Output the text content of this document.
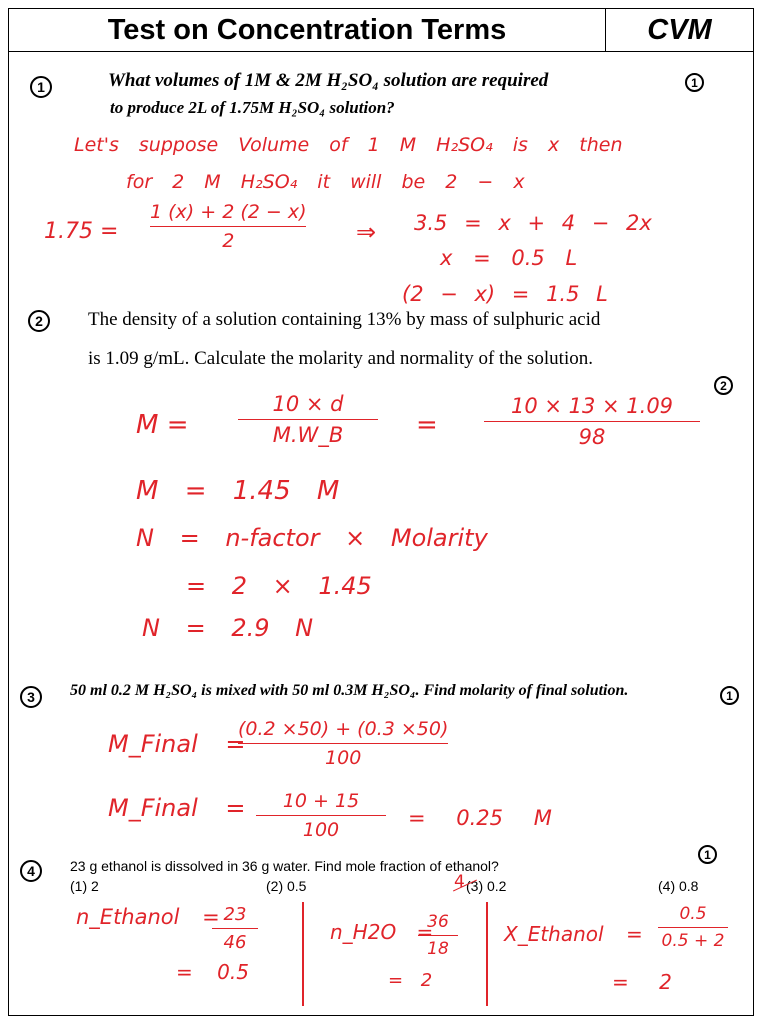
Test on Concentration Terms	CVM
1	What volumes of 1M & 2M H₂SO₄ solution are required
to produce 2L of 1.75M H₂SO₄ solution?
1
Let's suppose Volume of 1 M H₂SO₄ is x then
for 2 M H₂SO₄ it will be 2 − x
1.75 =
1 (x) + 2 (2 − x)
2	⇒ 3.5 = x + 4 − 2x
x = 0.5 L
(2 − x) = 1.5 L
2	The density of a solution containing 13% by mass of sulphuric acid
is 1.09 g/mL. Calculate the molarity and normality of the solution.
2
M =
10 × d
M.W_B	=
10 × 13 × 1.09
98
M = 1.45 M
N = n-factor × Molarity
= 2 × 1.45
N = 2.9 N
3	50 ml 0.2 M H₂SO₄ is mixed with 50 ml 0.3M H₂SO₄. Find molarity of final solution.	1
M_Final =
(0.2 ×50) + (0.3 ×50)
100
M_Final = 10 + 15
100	= 0.25 M
4	23 g ethanol is dissolved in 36 g water. Find mole fraction of ethanol?
1
(1) 2	(2) 0.5	(3) 0.2	(4) 0.8
4
n_Ethanol = 23
46
= 0.5
n_H2O =
36
18
= 2
X_Ethanol =
0.5
0.5 + 2
= 2
